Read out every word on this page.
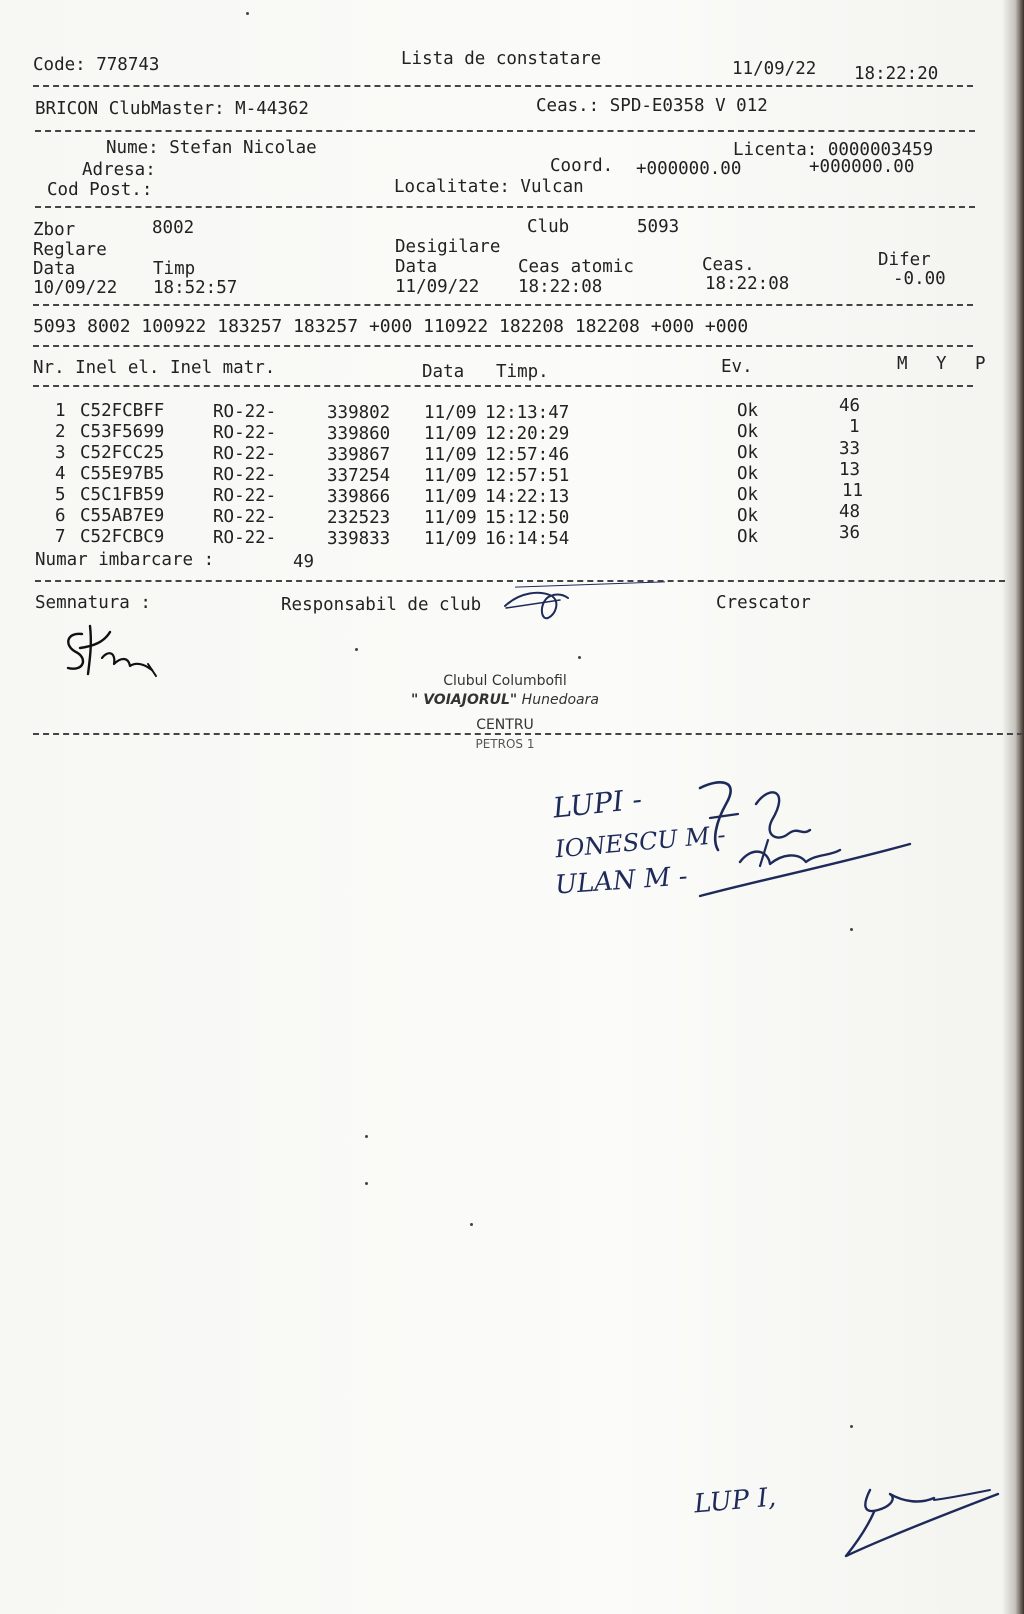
Code: 778743	Lista de constatare	11/09/22 18:22:20
BRICON ClubMaster: M-44362	Ceas.: SPD-E0358 V 012
Nume: Stefan Nicolae	Licenta: 0000003459
Adresa:	Coord. +000000.00	+000000.00
Cod Post.:	Localitate: Vulcan
Zbor	8002	Club	5093
Reglare	Desigilare
Data	Timp	Data	Ceas atomic	Ceas.	Difer
10/09/22 18:52:57	11/09/22 18:22:08	18:22:08	-0.00
5093 8002 100922 183257 183257 +000 110922 182208 182208 +000 +000
Nr. Inel el. Inel matr.	Data Timp.	Ev.	M Y P
1 C52FCBFF	RO-22-	339802 11/09 12:13:47	Ok	46
2 C53F5699	RO-22-	339860 11/09 12:20:29	Ok	1
3 C52FCC25	RO-22-	339867 11/09 12:57:46	Ok	33
4 C55E97B5	RO-22-	337254 11/09 12:57:51	Ok	13
5 C5C1FB59	RO-22-	339866 11/09 14:22:13	Ok	11
6 C55AB7E9	RO-22-	232523 11/09 15:12:50	Ok	48
7 C52FCBC9	RO-22-	339833 11/09 16:14:54	Ok	36
Numar imbarcare :	49
Semnatura :	Responsabil de club	Crescator
Clubul Columbofil
" VOIAJORUL" Hunedoara
CENTRU
PETROS 1
LUPI -
IONESCU M -
ULAN M -
LUP I,
